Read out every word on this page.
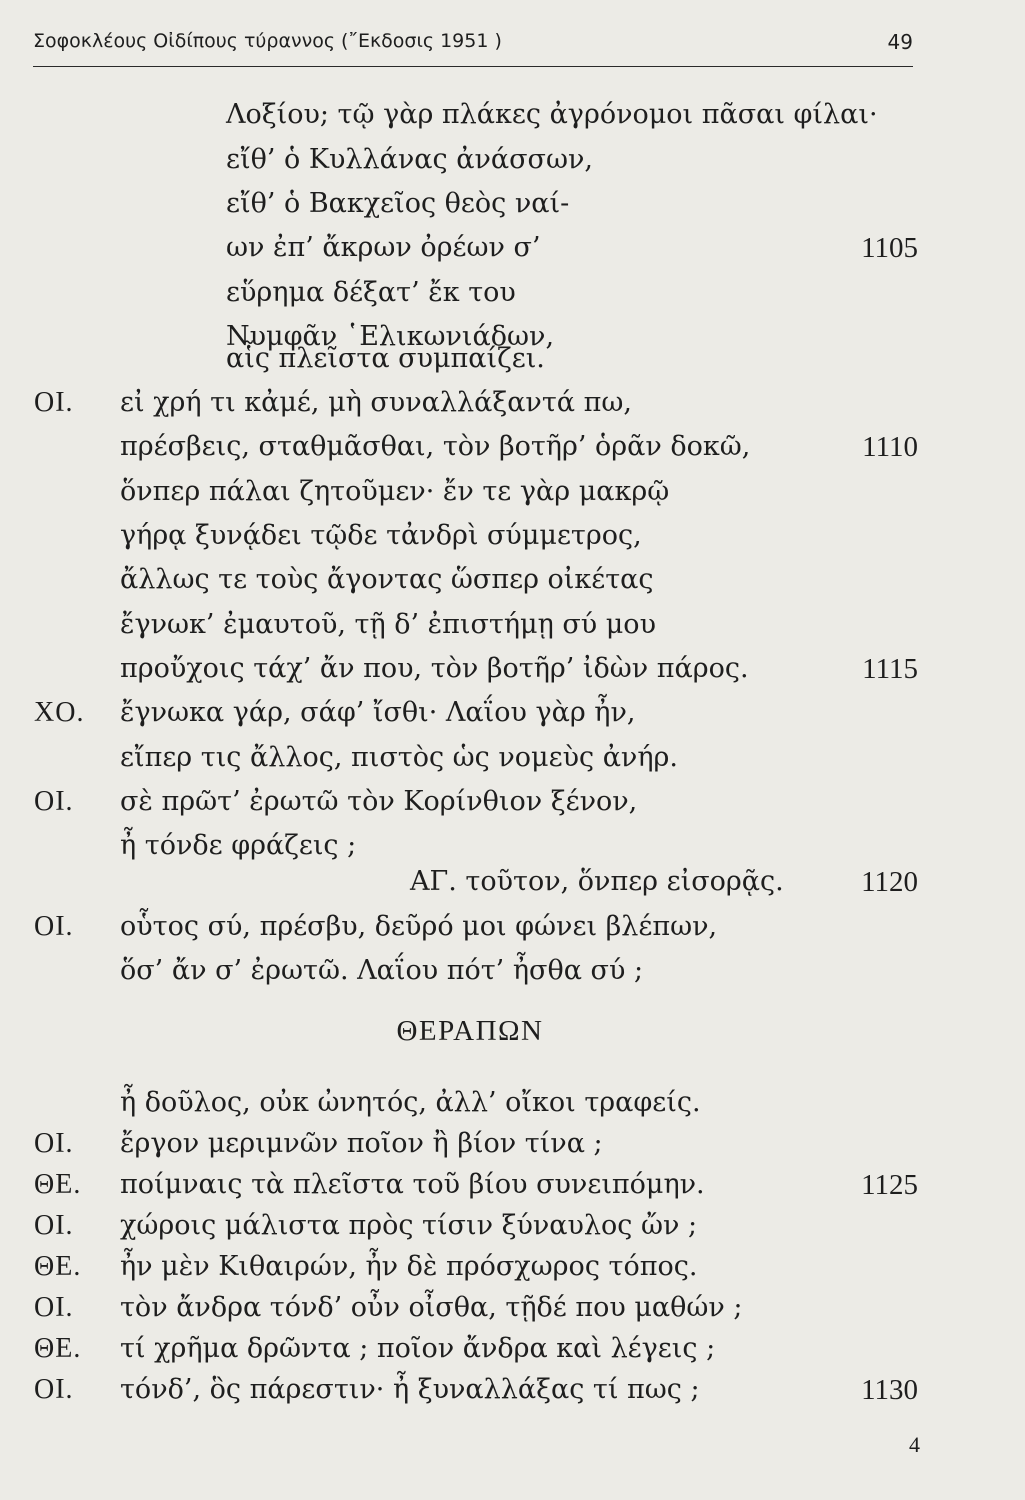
Σοφοκλέους Οἰδίπους τύραννος (῎Εκδοσις 1951 )	49
Λοξίου; τῷ γὰρ πλάκες ἀγρόνομοι πᾶσαι φίλαι·
εἴθ’ ὁ Κυλλάνας ἀνάσσων,
εἴθ’ ὁ Βακχεῖος θεὸς ναί-
ων ἐπ’ ἄκρων ὀρέων σ’	1105
εὕρημα δέξατ’ ἔκ του
Νυμφᾶν ῾Ελικωνιάδων,
αἷς πλεῖστα συμπαίζει.
ΟΙ. εἰ χρή τι κἀμέ, μὴ συναλλάξαντά πω,
πρέσβεις, σταθμᾶσθαι, τὸν βοτῆρ’ ὁρᾶν δοκῶ,	1110
ὅνπερ πάλαι ζητοῦμεν· ἔν τε γὰρ μακρῷ
γήρᾳ ξυνᾴδει τῷδε τἀνδρὶ σύμμετρος,
ἄλλως τε τοὺς ἄγοντας ὥσπερ οἰκέτας
ἔγνωκ’ ἐμαυτοῦ, τῇ δ’ ἐπιστήμῃ σύ μου
προὔχοις τάχ’ ἄν που, τὸν βοτῆρ’ ἰδὼν πάρος.	1115
ΧΟ. ἔγνωκα γάρ, σάφ’ ἴσθι· Λαΐου γὰρ ἦν,
εἴπερ τις ἄλλος, πιστὸς ὡς νομεὺς ἀνήρ.
ΟΙ. σὲ πρῶτ’ ἐρωτῶ τὸν Κορίνθιον ξένον,
ἦ τόνδε φράζεις ;
ΑΓ. τοῦτον, ὅνπερ εἰσορᾷς.	1120
ΟΙ. οὗτος σύ, πρέσβυ, δεῦρό μοι φώνει βλέπων,
ὅσ’ ἄν σ’ ἐρωτῶ. Λαΐου πότ’ ἦσθα σύ ;
ΘΕΡΑΠΩΝ
ἦ δοῦλος, οὐκ ὠνητός, ἀλλ’ οἴκοι τραφείς.
ΟΙ. ἔργον μεριμνῶν ποῖον ἢ βίον τίνα ;
ΘΕ. ποίμναις τὰ πλεῖστα τοῦ βίου συνειπόμην.	1125
ΟΙ. χώροις μάλιστα πρὸς τίσιν ξύναυλος ὤν ;
ΘΕ. ἦν μὲν Κιθαιρών, ἦν δὲ πρόσχωρος τόπος.
ΟΙ. τὸν ἄνδρα τόνδ’ οὖν οἶσθα, τῇδέ που μαθών ;
ΘΕ. τί χρῆμα δρῶντα ; ποῖον ἄνδρα καὶ λέγεις ;
ΟΙ. τόνδ’, ὃς πάρεστιν· ἦ ξυναλλάξας τί πως ;	1130
4
